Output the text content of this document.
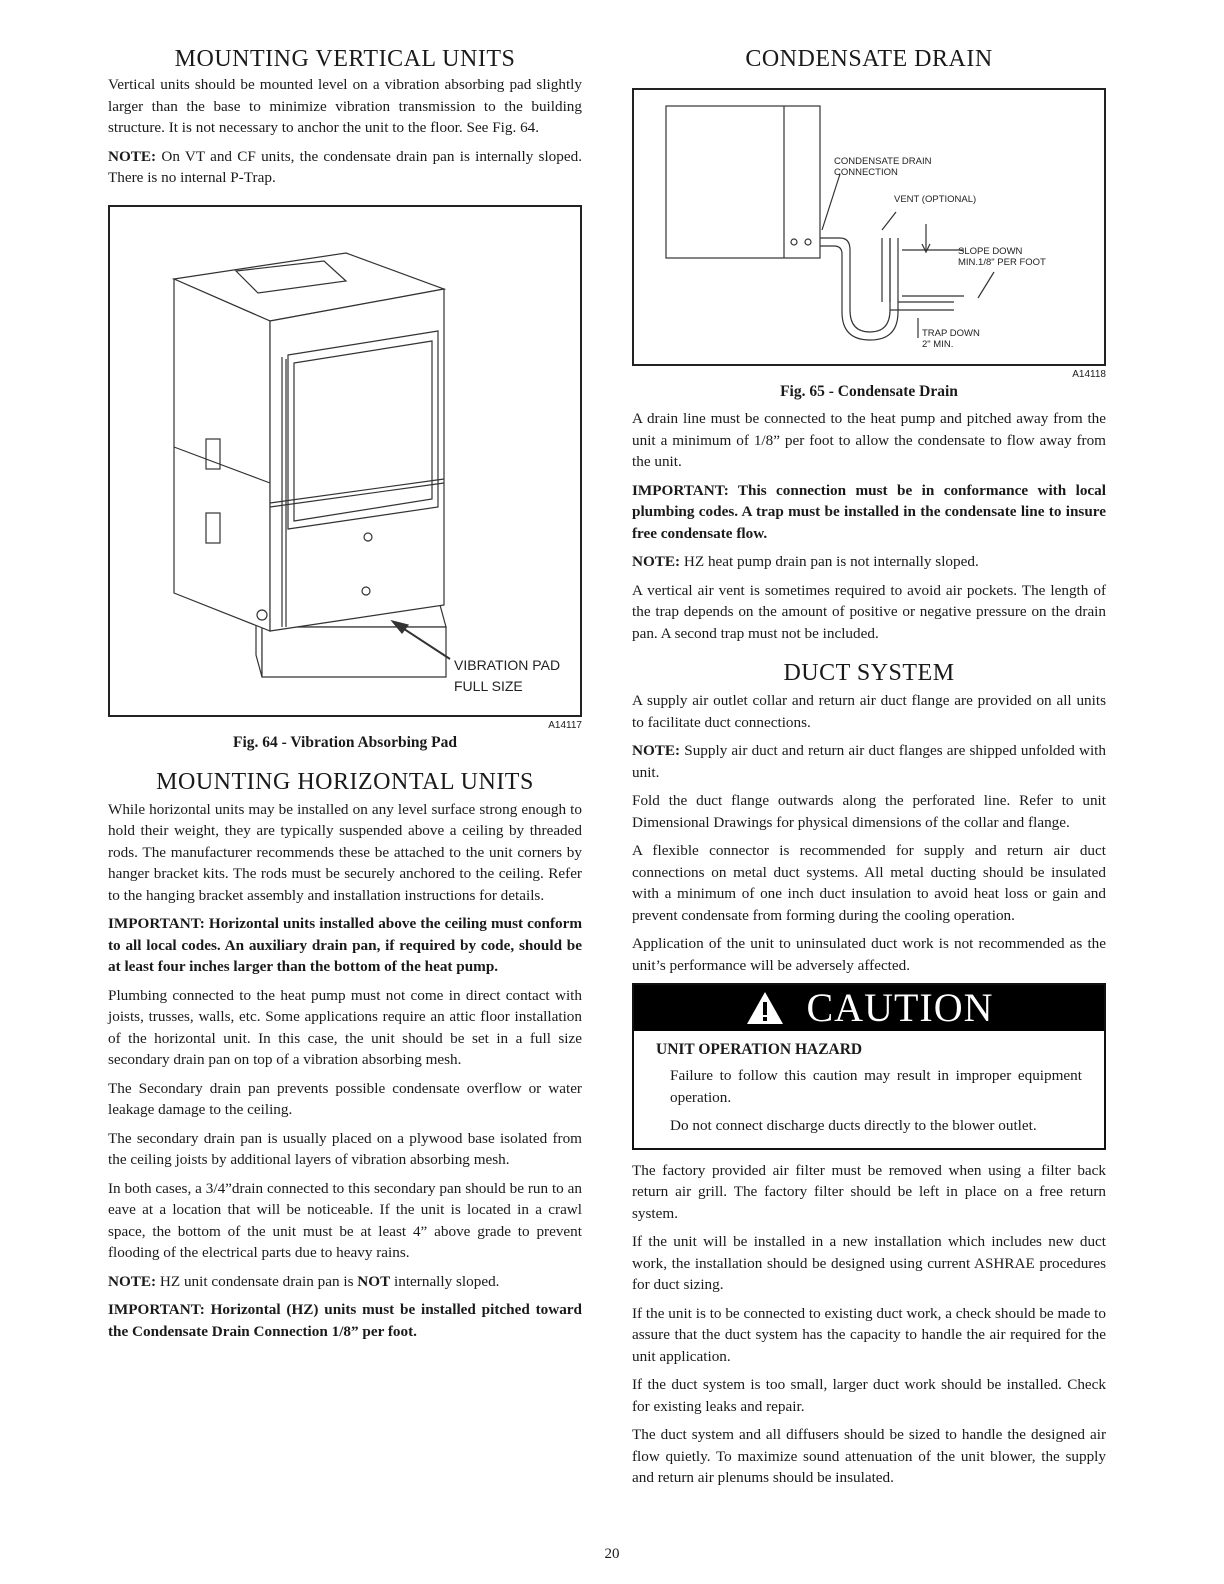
MOUNTING VERTICAL UNITS

Vertical units should be mounted level on a vibration absorbing pad slightly larger than the base to minimize vibration transmission to the building structure. It is not necessary to anchor the unit to the floor. See Fig. 64.

NOTE: On VT and CF units, the condensate drain pan is internally sloped. There is no internal P-Trap.

VIBRATION PAD
FULL SIZE
A14117
Fig. 64 - Vibration Absorbing Pad
MOUNTING HORIZONTAL UNITS

While horizontal units may be installed on any level surface strong enough to hold their weight, they are typically suspended above a ceiling by threaded rods. The manufacturer recommends these be attached to the unit corners by hanger bracket kits. The rods must be securely anchored to the ceiling. Refer to the hanging bracket assembly and installation instructions for details.

IMPORTANT: Horizontal units installed above the ceiling must conform to all local codes. An auxiliary drain pan, if required by code, should be at least four inches larger than the bottom of the heat pump.

Plumbing connected to the heat pump must not come in direct contact with joists, trusses, walls, etc. Some applications require an attic floor installation of the horizontal unit. In this case, the unit should be set in a full size secondary drain pan on top of a vibration absorbing mesh.

The Secondary drain pan prevents possible condensate overflow or water leakage damage to the ceiling.

The secondary drain pan is usually placed on a plywood base isolated from the ceiling joists by additional layers of vibration absorbing mesh.

In both cases, a 3/4”drain connected to this secondary pan should be run to an eave at a location that will be noticeable. If the unit is located in a crawl space, the bottom of the unit must be at least 4” above grade to prevent flooding of the electrical parts due to heavy rains.

NOTE: HZ unit condensate drain pan is NOT internally sloped.

IMPORTANT: Horizontal (HZ) units must be installed pitched toward the Condensate Drain Connection 1/8” per foot.

CONDENSATE DRAIN
CONDENSATE DRAIN
CONNECTION
VENT (OPTIONAL)
SLOPE DOWN
MIN.1/8" PER FOOT
TRAP DOWN
2" MIN.
A14118
Fig. 65 - Condensate Drain

A drain line must be connected to the heat pump and pitched away from the unit a minimum of 1/8” per foot to allow the condensate to flow away from the unit.

IMPORTANT: This connection must be in conformance with local plumbing codes. A trap must be installed in the condensate line to insure free condensate flow.

NOTE: HZ heat pump drain pan is not internally sloped.

A vertical air vent is sometimes required to avoid air pockets. The length of the trap depends on the amount of positive or negative pressure on the drain pan. A second trap must not be included.

DUCT SYSTEM

A supply air outlet collar and return air duct flange are provided on all units to facilitate duct connections.

NOTE: Supply air duct and return air duct flanges are shipped unfolded with unit.

Fold the duct flange outwards along the perforated line. Refer to unit Dimensional Drawings for physical dimensions of the collar and flange.

A flexible connector is recommended for supply and return air duct connections on metal duct systems. All metal ducting should be insulated with a minimum of one inch duct insulation to avoid heat loss or gain and prevent condensate from forming during the cooling operation.

Application of the unit to uninsulated duct work is not recommended as the unit’s performance will be adversely affected.

CAUTION
UNIT OPERATION HAZARD

Failure to follow this caution may result in improper equipment operation.

Do not connect discharge ducts directly to the blower outlet.

The factory provided air filter must be removed when using a filter back return air grill. The factory filter should be left in place on a free return system.

If the unit will be installed in a new installation which includes new duct work, the installation should be designed using current ASHRAE procedures for duct sizing.

If the unit is to be connected to existing duct work, a check should be made to assure that the duct system has the capacity to handle the air required for the unit application.

If the duct system is too small, larger duct work should be installed. Check for existing leaks and repair.

The duct system and all diffusers should be sized to handle the designed air flow quietly. To maximize sound attenuation of the unit blower, the supply and return air plenums should be insulated.

20
